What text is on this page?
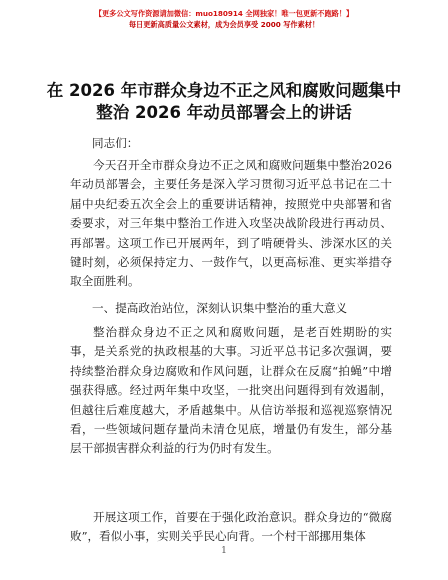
【更多公文写作资源请加微信：muo180914 全网独家！唯一包更新不跑路！】
每日更新高质量公文素材，成为会员享受 2000 写作素材！
在 2026 年市群众身边不正之风和腐败问题集中整治 2026 年动员部署会上的讲话
同志们：
今天召开全市群众身边不正之风和腐败问题集中整治2026年动员部署会，主要任务是深入学习贯彻习近平总书记在二十届中央纪委五次全会上的重要讲话精神，按照党中央部署和省委要求，对三年集中整治工作进入攻坚决战阶段进行再动员、再部署。这项工作已开展两年，到了啃硬骨头、涉深水区的关键时刻，必须保持定力、一鼓作气，以更高标准、更实举措夺取全面胜利。
一、提高政治站位，深刻认识集中整治的重大意义
整治群众身边不正之风和腐败问题，是老百姓期盼的实事，是关系党的执政根基的大事。习近平总书记多次强调，要持续整治群众身边腐败和作风问题，让群众在反腐“拍蝇”中增强获得感。经过两年集中攻坚，一批突出问题得到有效遏制，但越往后难度越大，矛盾越集中。从信访举报和巡视巡察情况看，一些领域问题存量尚未清仓见底，增量仍有发生，部分基层干部损害群众利益的行为仍时有发生。
开展这项工作，首要在于强化政治意识。群众身边的“微腐败”，看似小事，实则关乎民心向背。一个村干部挪用集体
1
